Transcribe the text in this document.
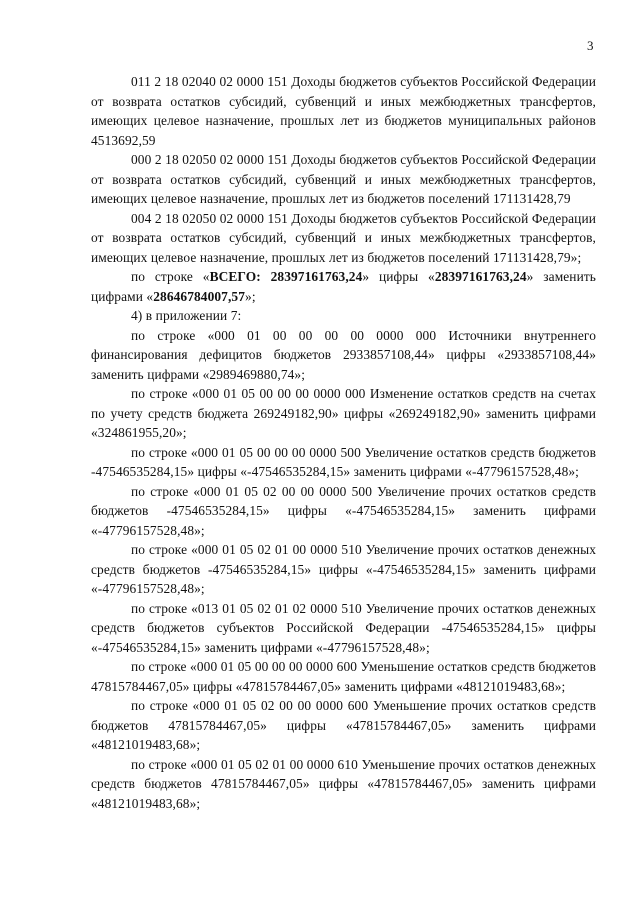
3

011 2 18 02040 02 0000 151 Доходы бюджетов субъектов Российской Федерации от возврата остатков субсидий, субвенций и иных межбюджетных трансфертов, имеющих целевое назначение, прошлых лет из бюджетов муниципальных районов 4513692,59

000 2 18 02050 02 0000 151 Доходы бюджетов субъектов Российской Федерации от возврата остатков субсидий, субвенций и иных межбюджетных трансфертов, имеющих целевое назначение, прошлых лет из бюджетов поселений 171131428,79

004 2 18 02050 02 0000 151 Доходы бюджетов субъектов Российской Федерации от возврата остатков субсидий, субвенций и иных межбюджетных трансфертов, имеющих целевое назначение, прошлых лет из бюджетов поселений 171131428,79»;

по строке «ВСЕГО: 28397161763,24» цифры «28397161763,24» заменить цифрами «28646784007,57»;

4) в приложении 7:

по строке «000 01 00 00 00 00 0000 000 Источники внутреннего финансирования дефицитов бюджетов 2933857108,44» цифры «2933857108,44» заменить цифрами «2989469880,74»;

по строке «000 01 05 00 00 00 0000 000 Изменение остатков средств на счетах по учету средств бюджета 269249182,90» цифры «269249182,90» заменить цифрами «324861955,20»;

по строке «000 01 05 00 00 00 0000 500 Увеличение остатков средств бюджетов -47546535284,15» цифры «-47546535284,15» заменить цифрами «-47796157528,48»;

по строке «000 01 05 02 00 00 0000 500 Увеличение прочих остатков средств бюджетов -47546535284,15» цифры «-47546535284,15» заменить цифрами «-47796157528,48»;

по строке «000 01 05 02 01 00 0000 510 Увеличение прочих остатков денежных средств бюджетов -47546535284,15» цифры «-47546535284,15» заменить цифрами «-47796157528,48»;

по строке «013 01 05 02 01 02 0000 510 Увеличение прочих остатков денежных средств бюджетов субъектов Российской Федерации -47546535284,15» цифры «-47546535284,15» заменить цифрами «-47796157528,48»;

по строке «000 01 05 00 00 00 0000 600 Уменьшение остатков средств бюджетов 47815784467,05» цифры «47815784467,05» заменить цифрами «48121019483,68»;

по строке «000 01 05 02 00 00 0000 600 Уменьшение прочих остатков средств бюджетов 47815784467,05» цифры «47815784467,05» заменить цифрами «48121019483,68»;

по строке «000 01 05 02 01 00 0000 610 Уменьшение прочих остатков денежных средств бюджетов 47815784467,05» цифры «47815784467,05» заменить цифрами «48121019483,68»;
